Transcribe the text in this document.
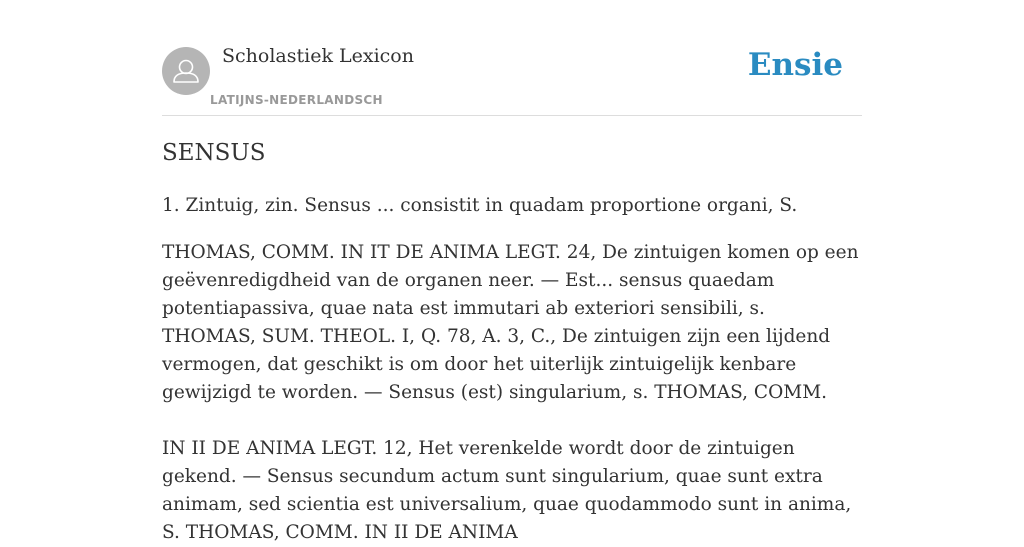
Scholastiek Lexicon
LATIJNS-NEDERLANDSCH
Ensie
SENSUS

1. Zintuig, zin. Sensus ... consistit in quadam proportione organi, S.

THOMAS, COMM. IN IT DE ANIMA LEGT. 24, De zintuigen komen op een geëvenredigdheid van de organen neer. — Est... sensus quaedam potentiapassiva, quae nata est immutari ab exteriori sensibili, s. THOMAS, SUM. THEOL. I, Q. 78, A. 3, C., De zintuigen zijn een lijdend vermogen, dat geschikt is om door het uiterlijk zintuigelijk kenbare gewijzigd te worden. — Sensus (est) singularium, s. THOMAS, COMM.

IN II DE ANIMA LEGT. 12, Het verenkelde wordt door de zintuigen gekend. — Sensus secundum actum sunt singularium, quae sunt extra animam, sed scientia est universalium, quae quodammodo sunt in anima, S. THOMAS, COMM. IN II DE ANIMA
